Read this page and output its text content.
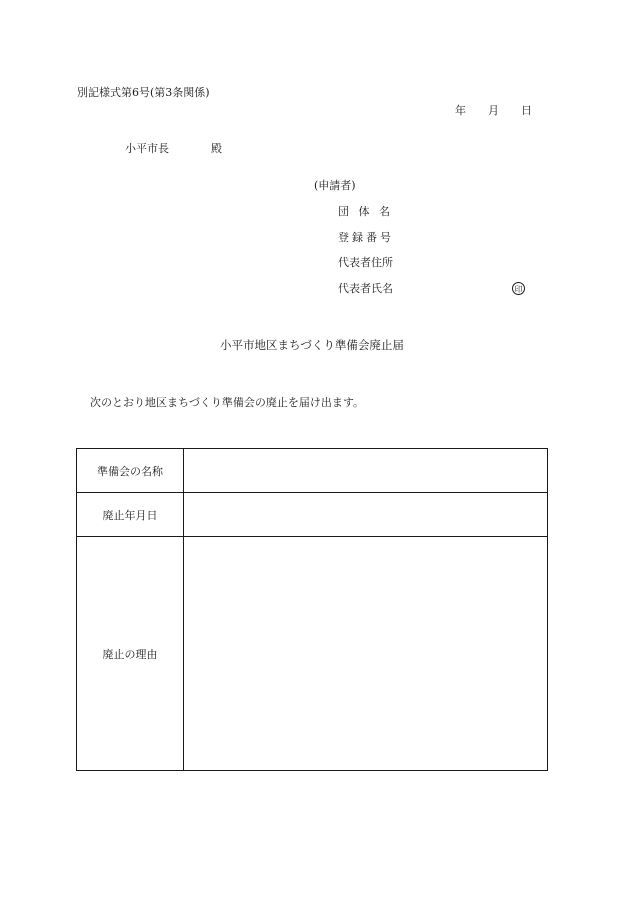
別記様式第6号(第3条関係)
年 月 日
小平市長	殿
(申請者)
団 体 名
登録番号
代表者住所
代表者氏名	印
小平市地区まちづくり準備会廃止届
次のとおり地区まちづくり準備会の廃止を届け出ます。
準備会の名称	
廃止年月日	
廃止の理由	
